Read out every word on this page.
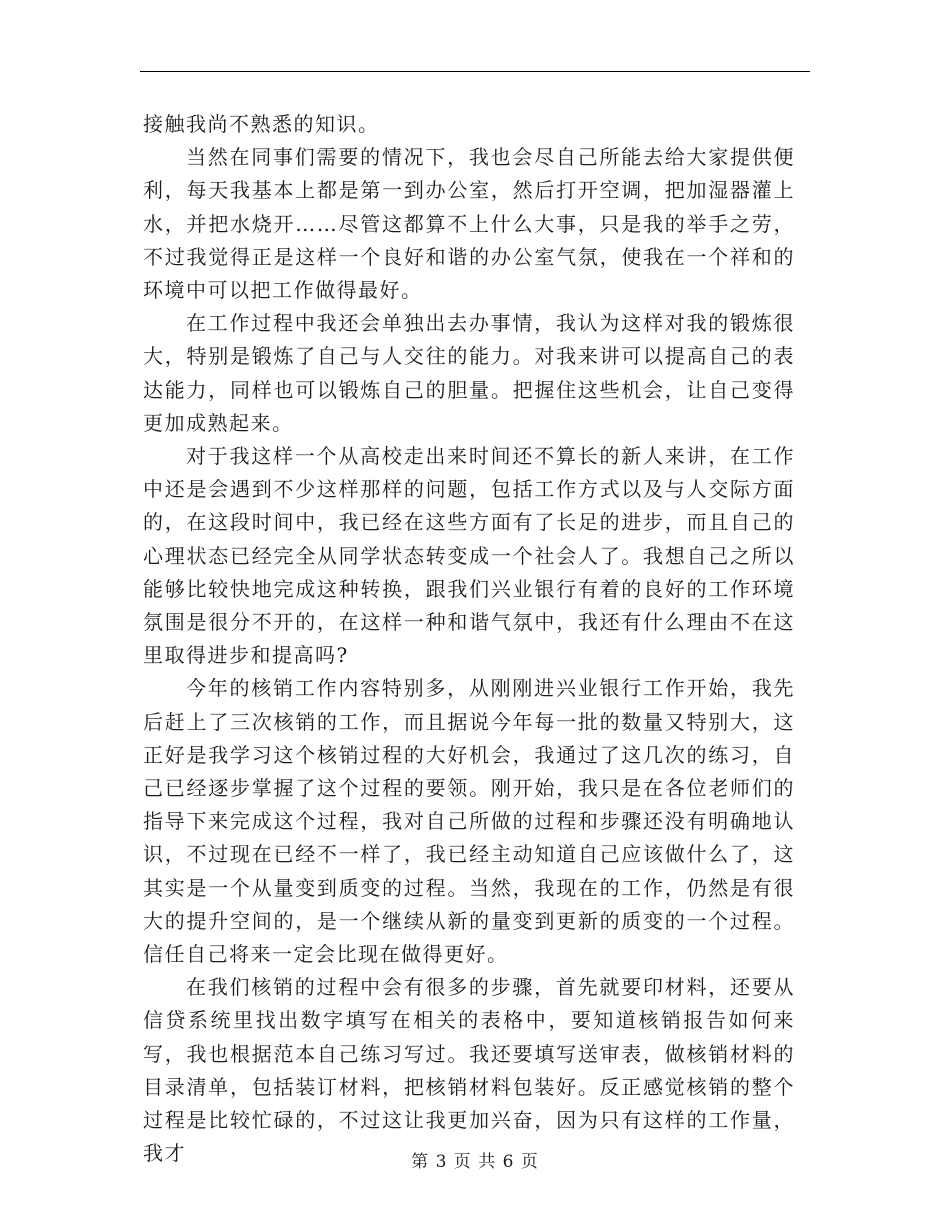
接触我尚不熟悉的知识。

当然在同事们需要的情况下，我也会尽自己所能去给大家提供便利，每天我基本上都是第一到办公室，然后打开空调，把加湿器灌上水，并把水烧开……尽管这都算不上什么大事，只是我的举手之劳，不过我觉得正是这样一个良好和谐的办公室气氛，使我在一个祥和的环境中可以把工作做得最好。

在工作过程中我还会单独出去办事情，我认为这样对我的锻炼很大，特别是锻炼了自己与人交往的能力。对我来讲可以提高自己的表达能力，同样也可以锻炼自己的胆量。把握住这些机会，让自己变得更加成熟起来。

对于我这样一个从高校走出来时间还不算长的新人来讲，在工作中还是会遇到不少这样那样的问题，包括工作方式以及与人交际方面的，在这段时间中，我已经在这些方面有了长足的进步，而且自己的心理状态已经完全从同学状态转变成一个社会人了。我想自己之所以能够比较快地完成这种转换，跟我们兴业银行有着的良好的工作环境氛围是很分不开的，在这样一种和谐气氛中，我还有什么理由不在这里取得进步和提高吗?

今年的核销工作内容特别多，从刚刚进兴业银行工作开始，我先后赶上了三次核销的工作，而且据说今年每一批的数量又特别大，这正好是我学习这个核销过程的大好机会，我通过了这几次的练习，自己已经逐步掌握了这个过程的要领。刚开始，我只是在各位老师们的指导下来完成这个过程，我对自己所做的过程和步骤还没有明确地认识，不过现在已经不一样了，我已经主动知道自己应该做什么了，这其实是一个从量变到质变的过程。当然，我现在的工作，仍然是有很大的提升空间的，是一个继续从新的量变到更新的质变的一个过程。信任自己将来一定会比现在做得更好。

在我们核销的过程中会有很多的步骤，首先就要印材料，还要从信贷系统里找出数字填写在相关的表格中，要知道核销报告如何来写，我也根据范本自己练习写过。我还要填写送审表，做核销材料的目录清单，包括装订材料，把核销材料包装好。反正感觉核销的整个过程是比较忙碌的，不过这让我更加兴奋，因为只有这样的工作量，我才	第 3 页 共 6 页
